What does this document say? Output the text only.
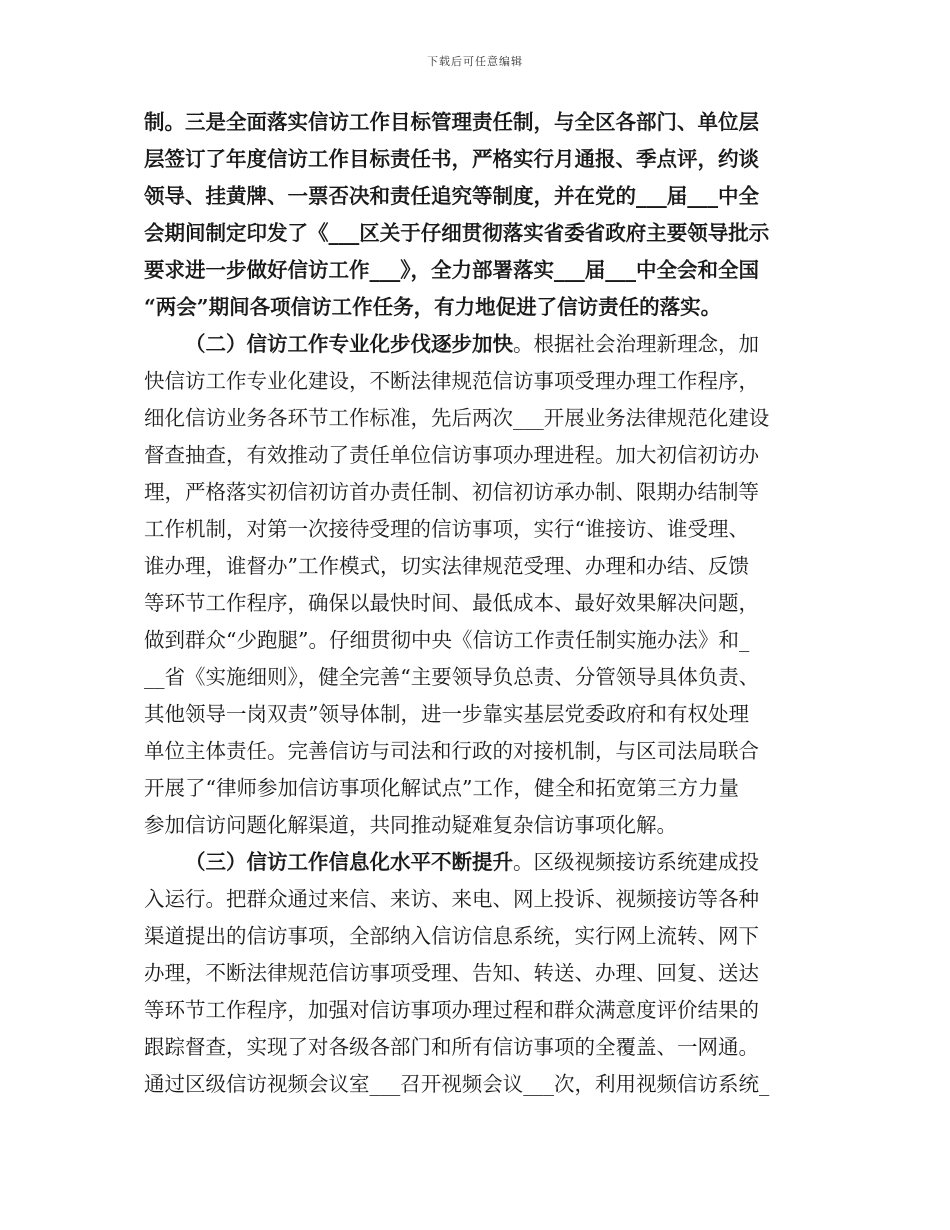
下载后可任意编辑
制。三是全面落实信访工作目标管理责任制，与全区各部门、单位层
层签订了年度信访工作目标责任书，严格实行月通报、季点评，约谈
领导、挂黄牌、一票否决和责任追究等制度，并在党的___届___中全
会期间制定印发了《___区关于仔细贯彻落实省委省政府主要领导批示
要求进一步做好信访工作___》，全力部署落实___届___中全会和全国
“两会”期间各项信访工作任务，有力地促进了信访责任的落实。
（二）信访工作专业化步伐逐步加快。根据社会治理新理念，加
快信访工作专业化建设，不断法律规范信访事项受理办理工作程序，
细化信访业务各环节工作标准，先后两次___开展业务法律规范化建设
督查抽查，有效推动了责任单位信访事项办理进程。加大初信初访办
理，严格落实初信初访首办责任制、初信初访承办制、限期办结制等
工作机制，对第一次接待受理的信访事项，实行“谁接访、谁受理、
谁办理，谁督办”工作模式，切实法律规范受理、办理和办结、反馈
等环节工作程序，确保以最快时间、最低成本、最好效果解决问题，
做到群众“少跑腿”。仔细贯彻中央《信访工作责任制实施办法》和_
__省《实施细则》，健全完善“主要领导负总责、分管领导具体负责、
其他领导一岗双责”领导体制，进一步靠实基层党委政府和有权处理
单位主体责任。完善信访与司法和行政的对接机制，与区司法局联合
开展了“律师参加信访事项化解试点”工作，健全和拓宽第三方力量
参加信访问题化解渠道，共同推动疑难复杂信访事项化解。
（三）信访工作信息化水平不断提升。区级视频接访系统建成投
入运行。把群众通过来信、来访、来电、网上投诉、视频接访等各种
渠道提出的信访事项，全部纳入信访信息系统，实行网上流转、网下
办理，不断法律规范信访事项受理、告知、转送、办理、回复、送达
等环节工作程序，加强对信访事项办理过程和群众满意度评价结果的
跟踪督查，实现了对各级各部门和所有信访事项的全覆盖、一网通。
通过区级信访视频会议室___召开视频会议___次，利用视频信访系统_
